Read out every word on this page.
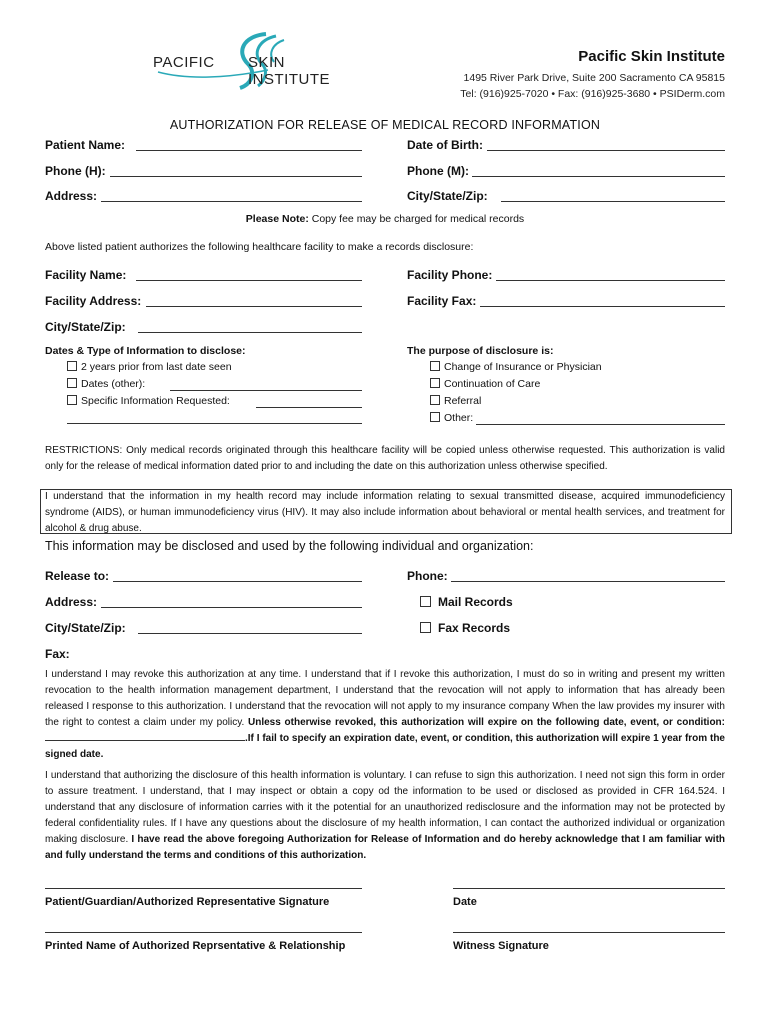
PACIFIC SKIN INSTITUTE
Pacific Skin Institute
1495 River Park Drive, Suite 200 Sacramento CA 95815
Tel: (916)925-7020 • Fax: (916)925-3680 • PSIDerm.com
AUTHORIZATION FOR RELEASE OF MEDICAL RECORD INFORMATION
Patient Name:	Date of Birth:
Phone (H):	Phone (M):
Address:	City/State/Zip:
Please Note: Copy fee may be charged for medical records
Above listed patient authorizes the following healthcare facility to make a records disclosure:
Facility Name:	Facility Phone:
Facility Address:	Facility Fax:
City/State/Zip:
Dates & Type of Information to disclose:
2 years prior from last date seen
Dates (other):
Specific Information Requested:
The purpose of disclosure is:
Change of Insurance or Physician
Continuation of Care
Referral
Other:
RESTRICTIONS: Only medical records originated through this healthcare facility will be copied unless otherwise requested. This authorization is valid only for the release of medical information dated prior to and including the date on this authorization unless otherwise specified.
I understand that the information in my health record may include information relating to sexual transmitted disease, acquired immunodeficiency syndrome (AIDS), or human immunodeficiency virus (HIV). It may also include information about behavioral or mental health services, and treatment for alcohol & drug abuse.
This information may be disclosed and used by the following individual and organization:
Release to:	Phone:
Address:	Mail Records
City/State/Zip:	Fax Records
Fax:
I understand I may revoke this authorization at any time. I understand that if I revoke this authorization, I must do so in writing and present my written revocation to the health information management department, I understand that the revocation will not apply to information that has already been released I response to this authorization. I understand that the revocation will not apply to my insurance company When the law provides my insurer with the right to contest a claim under my policy. Unless otherwise revoked, this authorization will expire on the following date, event, or condition:.If I fail to specify an expiration date, event, or condition, this authorization will expire 1 year from the signed date.
I understand that authorizing the disclosure of this health information is voluntary. I can refuse to sign this authorization. I need not sign this form in order to assure treatment. I understand, that I may inspect or obtain a copy od the information to be used or disclosed as provided in CFR 164.524. I understand that any disclosure of information carries with it the potential for an unauthorized redisclosure and the information may not be protected by federal confidentiality rules. If I have any questions about the disclosure of my health information, I can contact the authorized individual or organization making disclosure. I have read the above foregoing Authorization for Release of Information and do hereby acknowledge that I am familiar with and fully understand the terms and conditions of this authorization.
Patient/Guardian/Authorized Representative Signature	Date
Printed Name of Authorized Reprsentative & Relationship	Witness Signature
